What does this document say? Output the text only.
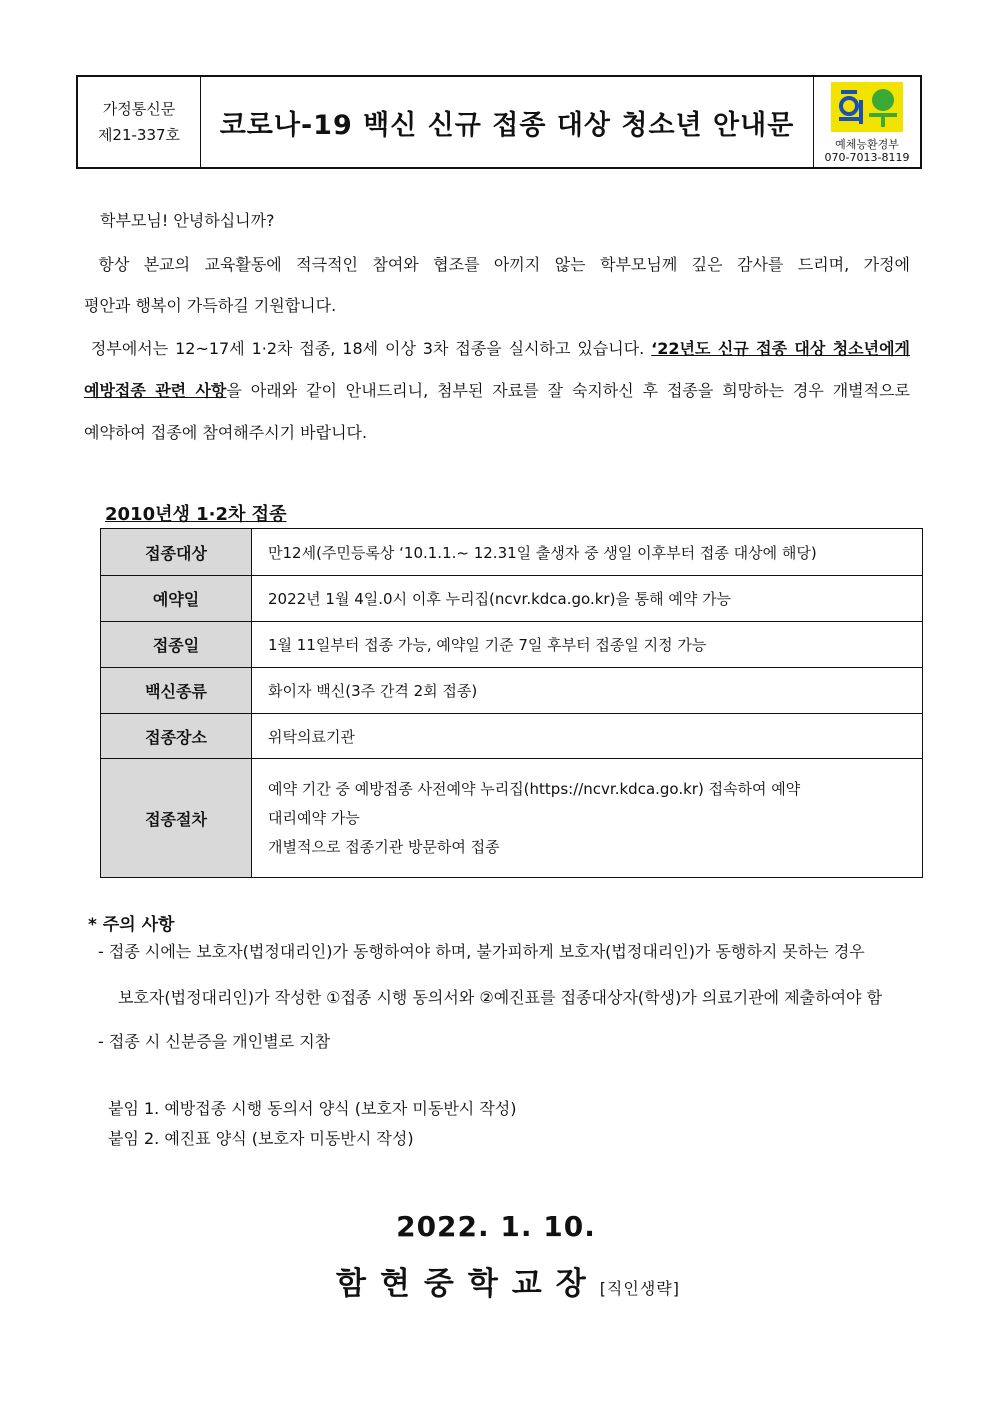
가정통신문
제21-337호	코로나-19 백신 신규 접종 대상 청소년 안내문
예체능환경부
070-7013-8119
학부모님! 안녕하십니까?
항상 본교의 교육활동에 적극적인 참여와 협조를 아끼지 않는 학부모님께 깊은 감사를 드리며, 가정에
평안과 행복이 가득하길 기원합니다.
정부에서는 12~17세 1·2차 접종, 18세 이상 3차 접종을 실시하고 있습니다. ‘22년도 신규 접종 대상 청소년에게
예방접종 관련 사항을 아래와 같이 안내드리니, 첨부된 자료를 잘 숙지하신 후 접종을 희망하는 경우 개별적으로
예약하여 접종에 참여해주시기 바랍니다.
2010년생 1·2차 접종
접종대상	만12세(주민등록상 ‘10.1.1.~ 12.31일 출생자 중 생일 이후부터 접종 대상에 해당)
예약일	2022년 1월 4일.0시 이후 누리집(ncvr.kdca.go.kr)을 통해 예약 가능
접종일	1월 11일부터 접종 가능, 예약일 기준 7일 후부터 접종일 지정 가능
백신종류	화이자 백신(3주 간격 2회 접종)
접종장소	위탁의료기관
접종절차	예약 기간 중 예방접종 사전예약 누리집(https://ncvr.kdca.go.kr) 접속하여 예약
대리예약 가능
개별적으로 접종기관 방문하여 접종
* 주의 사항
- 접종 시에는 보호자(법정대리인)가 동행하여야 하며, 불가피하게 보호자(법정대리인)가 동행하지 못하는 경우
보호자(법정대리인)가 작성한 ①접종 시행 동의서와 ②예진표를 접종대상자(학생)가 의료기관에 제출하여야 함
- 접종 시 신분증을 개인별로 지참
붙임 1. 예방접종 시행 동의서 양식 (보호자 미동반시 작성)
붙임 2. 예진표 양식 (보호자 미동반시 작성)
2022. 1. 10.
함현중학교장[직인생략]
